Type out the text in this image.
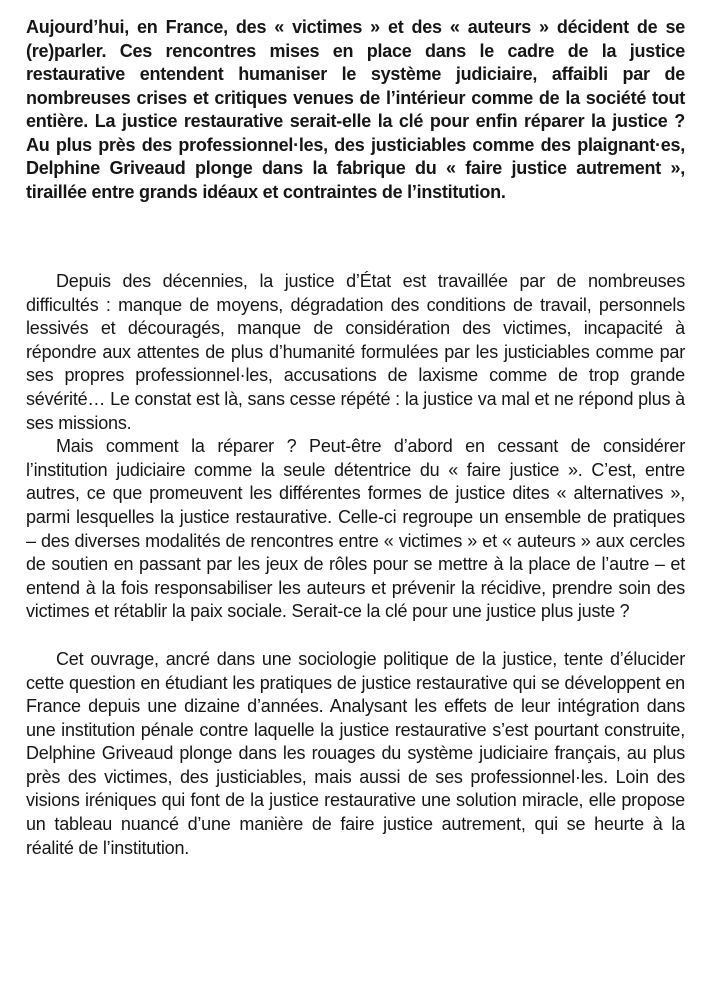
Aujourd’hui, en France, des « victimes » et des « auteurs » décident de se (re)parler. Ces rencontres mises en place dans le cadre de la justice restaurative entendent humaniser le système judiciaire, affaibli par de nombreuses crises et critiques venues de l’intérieur comme de la société tout entière. La justice restaurative serait-elle la clé pour enfin réparer la justice ? Au plus près des professionnel·les, des justiciables comme des plaignant·es, Delphine Griveaud plonge dans la fabrique du « faire justice autrement », tiraillée entre grands idéaux et contraintes de l’institution.

Depuis des décennies, la justice d’État est travaillée par de nombreuses difficultés : manque de moyens, dégradation des conditions de travail, personnels lessivés et découragés, manque de considération des victimes, incapacité à répondre aux attentes de plus d’humanité formulées par les justiciables comme par ses propres professionnel·les, accusations de laxisme comme de trop grande sévérité… Le constat est là, sans cesse répété : la justice va mal et ne répond plus à ses missions.

Mais comment la réparer ? Peut-être d’abord en cessant de considérer l’institution judiciaire comme la seule détentrice du « faire justice ». C’est, entre autres, ce que promeuvent les différentes formes de justice dites « alternatives », parmi lesquelles la justice restaurative. Celle-ci regroupe un ensemble de pratiques – des diverses modalités de rencontres entre « victimes » et « auteurs » aux cercles de soutien en passant par les jeux de rôles pour se mettre à la place de l’autre – et entend à la fois responsabiliser les auteurs et prévenir la récidive, prendre soin des victimes et rétablir la paix sociale. Serait-ce la clé pour une justice plus juste ?

Cet ouvrage, ancré dans une sociologie politique de la justice, tente d’élucider cette question en étudiant les pratiques de justice restaurative qui se développent en France depuis une dizaine d’années. Analysant les effets de leur intégration dans une institution pénale contre laquelle la justice restaurative s’est pourtant construite, Delphine Griveaud plonge dans les rouages du système judiciaire français, au plus près des victimes, des justiciables, mais aussi de ses professionnel·les. Loin des visions iréniques qui font de la justice restaurative une solution miracle, elle propose un tableau nuancé d’une manière de faire justice autrement, qui se heurte à la réalité de l’institution.
